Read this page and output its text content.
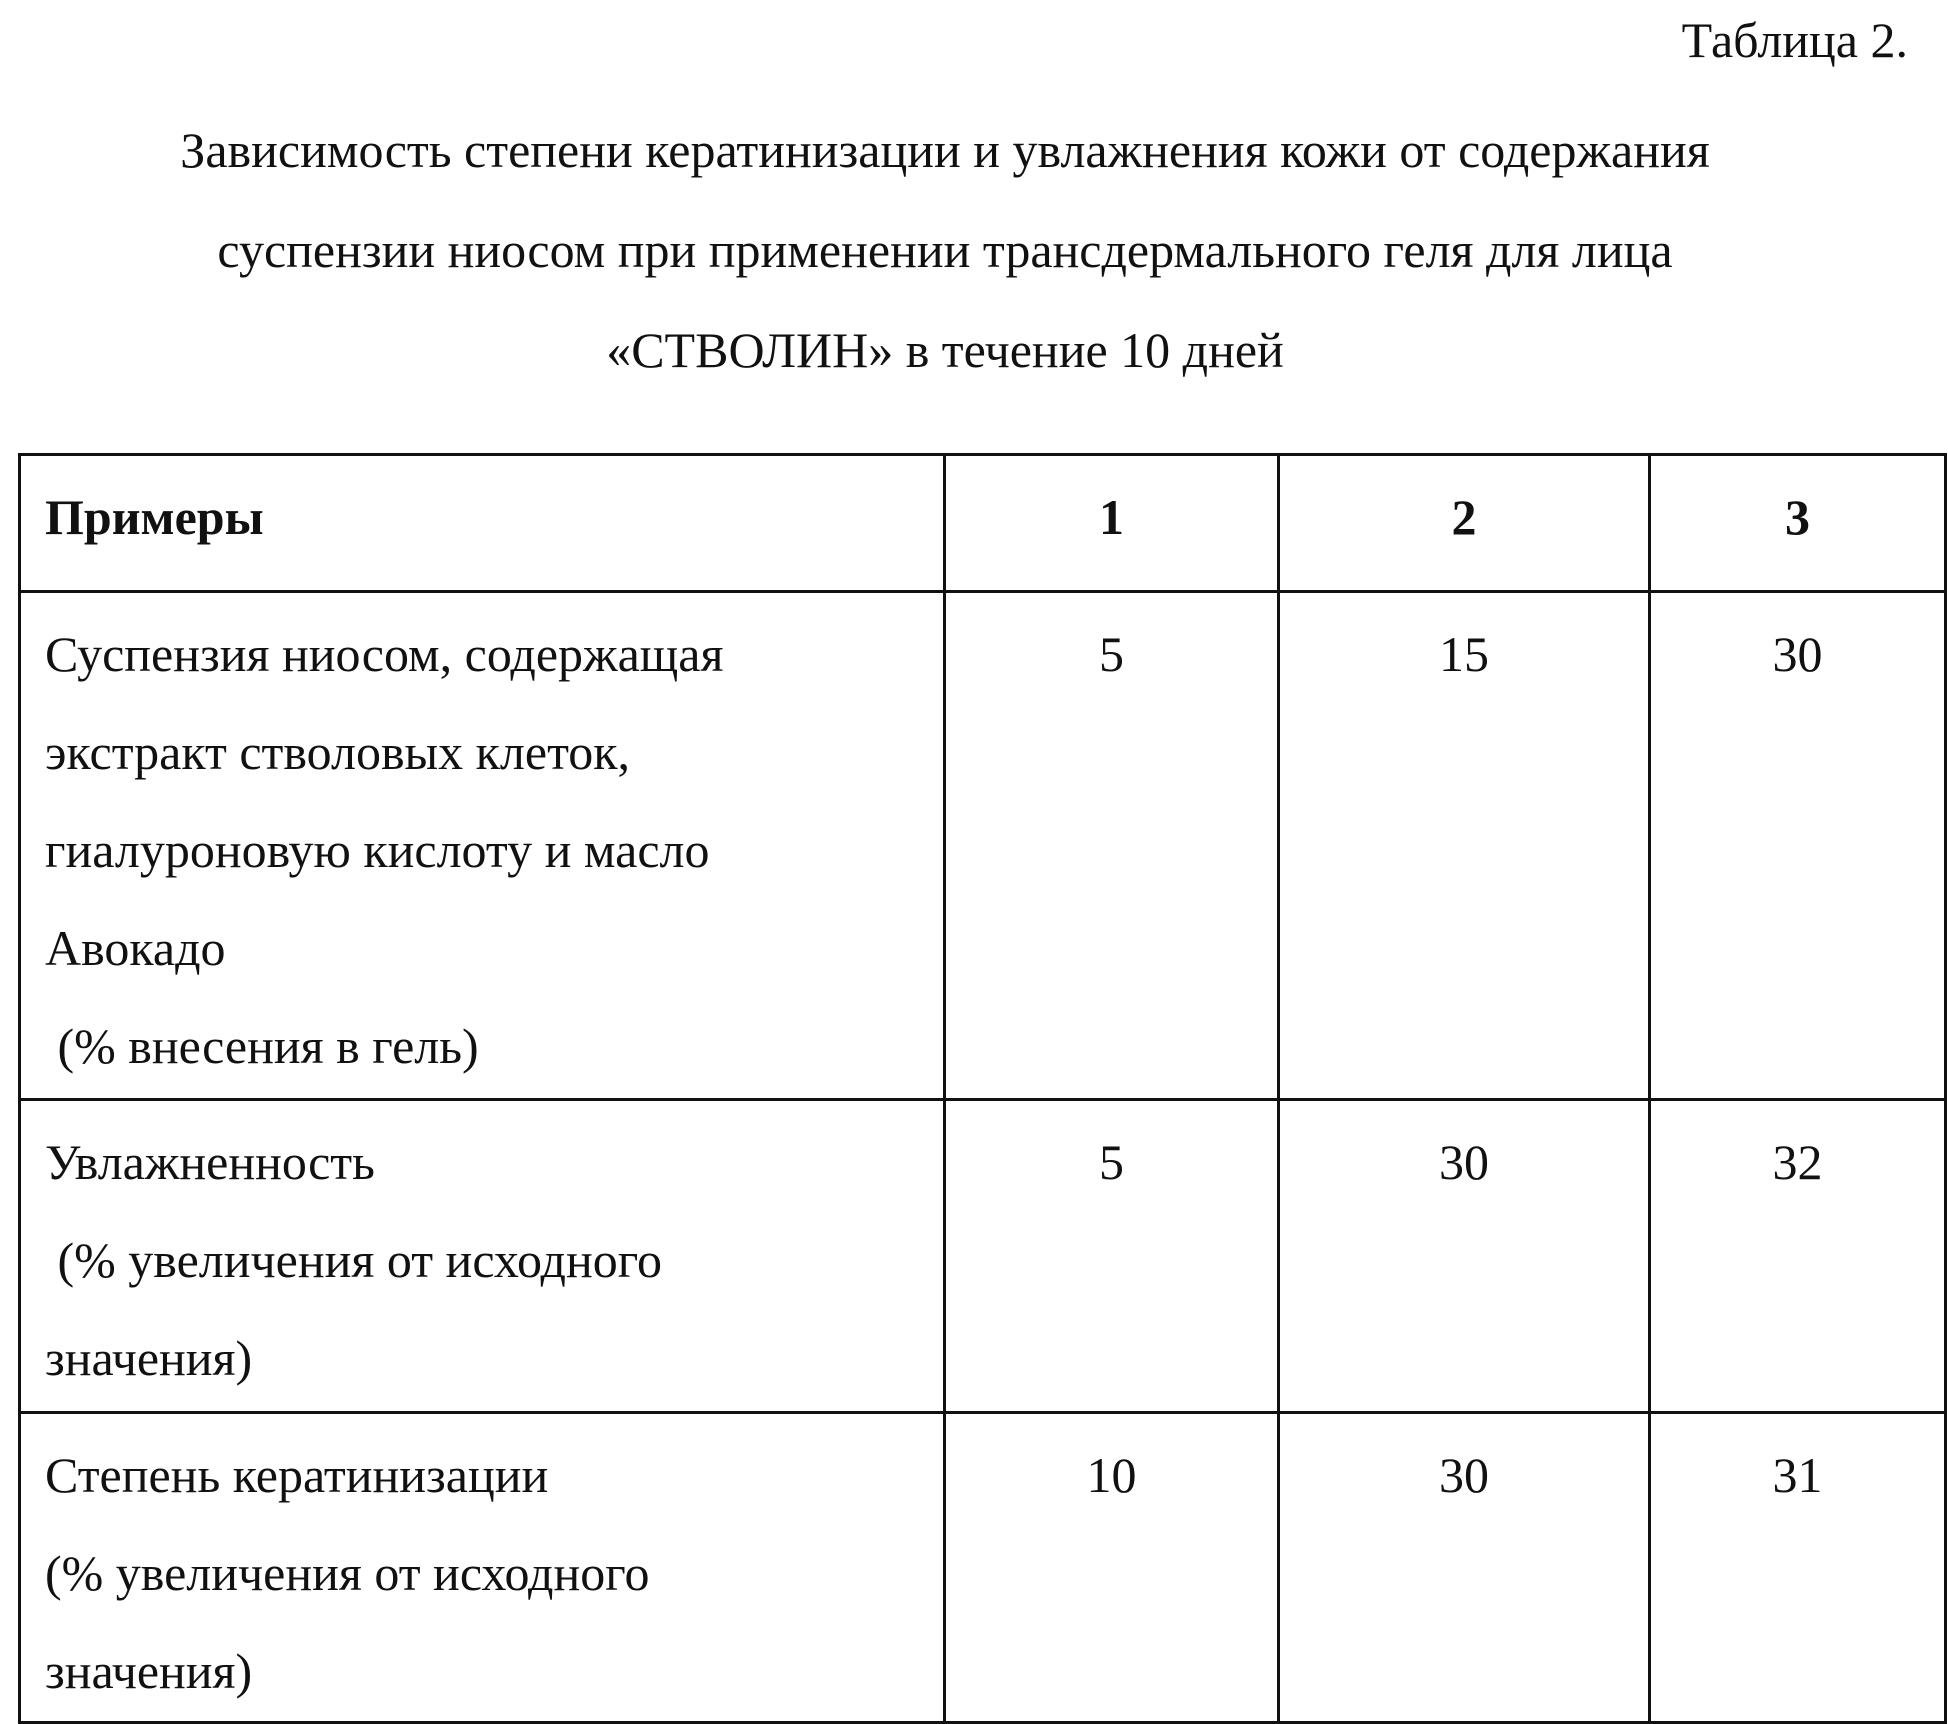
Таблица 2.
Зависимость степени кератинизации и увлажнения кожи от содержания
суспензии ниосом при применении трансдермального геля для лица
«СТВОЛИН» в течение 10 дней
Примеры	1	2	3

Суспензия ниосом, содержащая
экстракт стволовых клеток,
гиалуроновую кислоту и масло
Авокадо
(% внесения в гель)	5	15	30

Увлажненность
(% увеличения от исходного
значения)	5	30	32

Степень кератинизации
(% увеличения от исходного
значения)	10	30	31
